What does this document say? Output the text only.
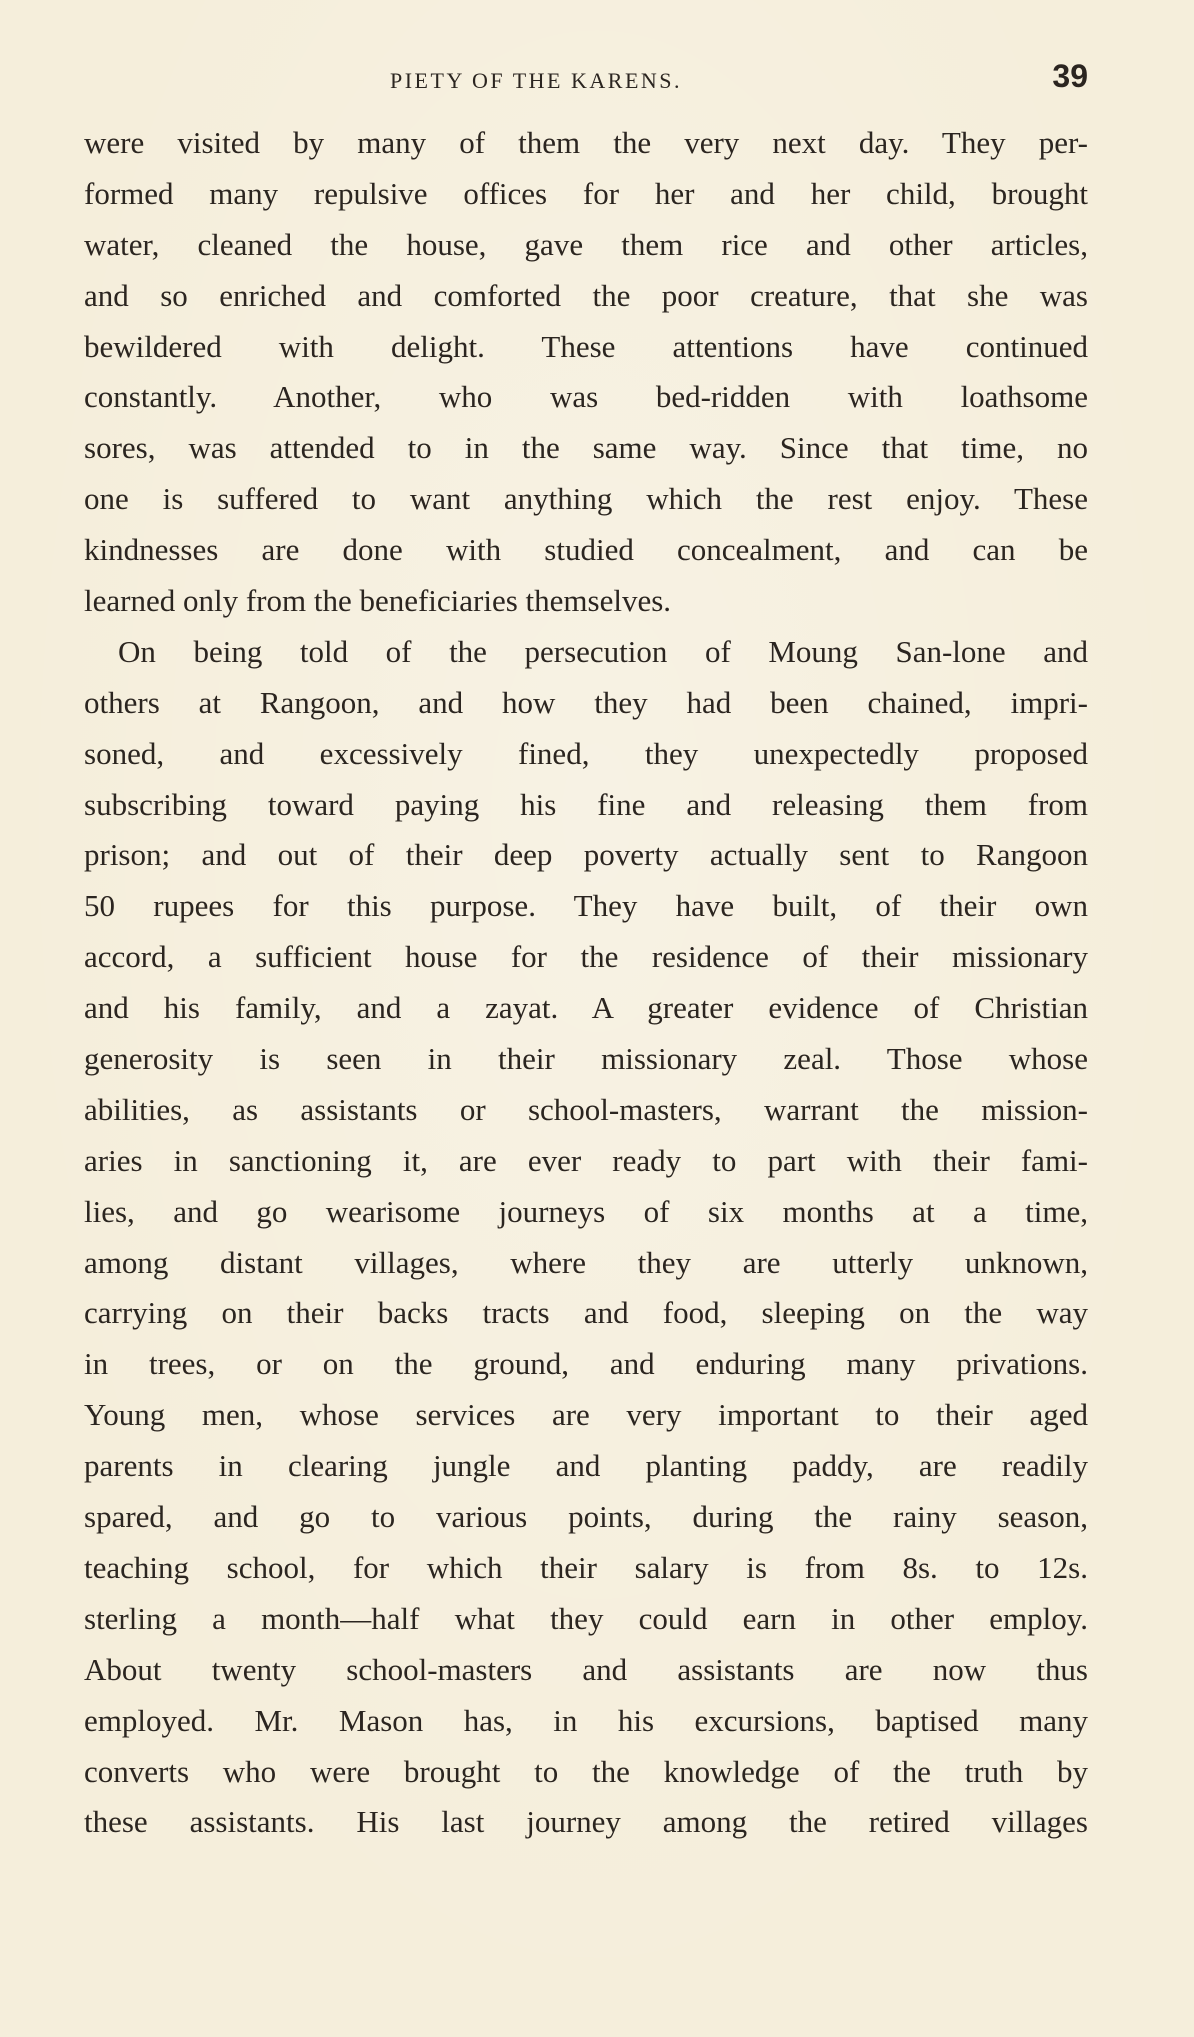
PIETY OF THE KARENS.	39
were visited by many of them the very next day. They per-
formed many repulsive offices for her and her child, brought
water, cleaned the house, gave them rice and other articles,
and so enriched and comforted the poor creature, that she was
bewildered with delight. These attentions have continued
constantly. Another, who was bed-ridden with loathsome
sores, was attended to in the same way. Since that time, no
one is suffered to want anything which the rest enjoy. These
kindnesses are done with studied concealment, and can be
learned only from the beneficiaries themselves.
On being told of the persecution of Moung San-lone and
others at Rangoon, and how they had been chained, impri-
soned, and excessively fined, they unexpectedly proposed
subscribing toward paying his fine and releasing them from
prison; and out of their deep poverty actually sent to Rangoon
50 rupees for this purpose. They have built, of their own
accord, a sufficient house for the residence of their missionary
and his family, and a zayat. A greater evidence of Christian
generosity is seen in their missionary zeal. Those whose
abilities, as assistants or school-masters, warrant the mission-
aries in sanctioning it, are ever ready to part with their fami-
lies, and go wearisome journeys of six months at a time,
among distant villages, where they are utterly unknown,
carrying on their backs tracts and food, sleeping on the way
in trees, or on the ground, and enduring many privations.
Young men, whose services are very important to their aged
parents in clearing jungle and planting paddy, are readily
spared, and go to various points, during the rainy season,
teaching school, for which their salary is from 8s. to 12s.
sterling a month—half what they could earn in other employ.
About twenty school-masters and assistants are now thus
employed. Mr. Mason has, in his excursions, baptised many
converts who were brought to the knowledge of the truth by
these assistants. His last journey among the retired villages
